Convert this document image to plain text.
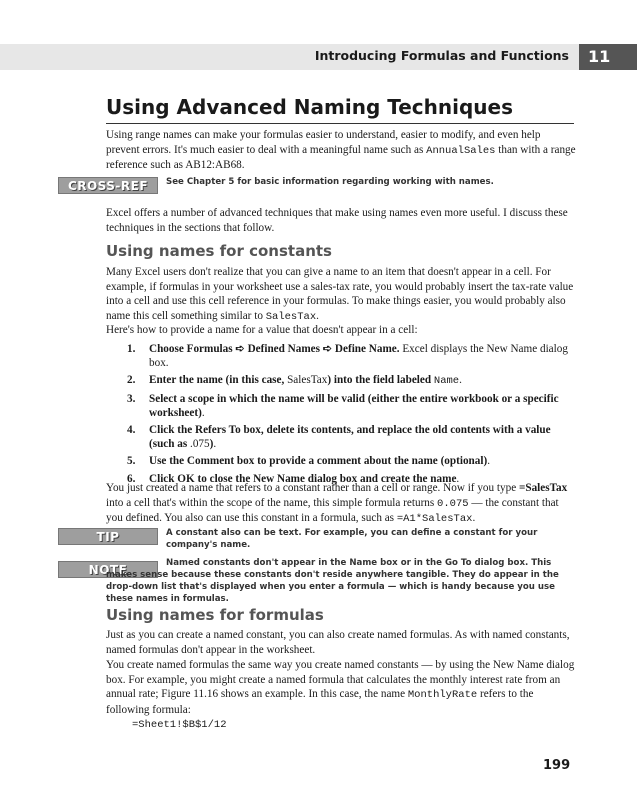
Introducing Formulas and Functions	11
Using Advanced Naming Techniques
Using range names can make your formulas easier to understand, easier to modify, and even help prevent errors. It's much easier to deal with a meaningful name such as AnnualSales than with a range reference such as AB12:AB68.
CROSS-REF	See Chapter 5 for basic information regarding working with names.
Excel offers a number of advanced techniques that make using names even more useful. I discuss these techniques in the sections that follow.
Using names for constants
Many Excel users don't realize that you can give a name to an item that doesn't appear in a cell. For example, if formulas in your worksheet use a sales-tax rate, you would probably insert the tax-rate value into a cell and use this cell reference in your formulas. To make things easier, you would probably also name this cell something similar to SalesTax.
Here's how to provide a name for a value that doesn't appear in a cell:
1. Choose Formulas ➪ Defined Names ➪ Define Name. Excel displays the New Name dialog box.
2. Enter the name (in this case, SalesTax) into the field labeled Name.
3. Select a scope in which the name will be valid (either the entire workbook or a specific worksheet).
4. Click the Refers To box, delete its contents, and replace the old contents with a value (such as .075).
5. Use the Comment box to provide a comment about the name (optional).
6. Click OK to close the New Name dialog box and create the name.
You just created a name that refers to a constant rather than a cell or range. Now if you type =SalesTax into a cell that's within the scope of the name, this simple formula returns 0.075 — the constant that you defined. You also can use this constant in a formula, such as =A1*SalesTax.
TIP	A constant also can be text. For example, you can define a constant for your company's name.
NOTE	Named constants don't appear in the Name box or in the Go To dialog box. This makes sense because these constants don't reside anywhere tangible. They do appear in the drop-down list that's displayed when you enter a formula — which is handy because you use these names in formulas.
Using names for formulas
Just as you can create a named constant, you can also create named formulas. As with named constants, named formulas don't appear in the worksheet.
You create named formulas the same way you create named constants — by using the New Name dialog box. For example, you might create a named formula that calculates the monthly interest rate from an annual rate; Figure 11.16 shows an example. In this case, the name MonthlyRate refers to the following formula:
=Sheet1!$B$1/12
199
